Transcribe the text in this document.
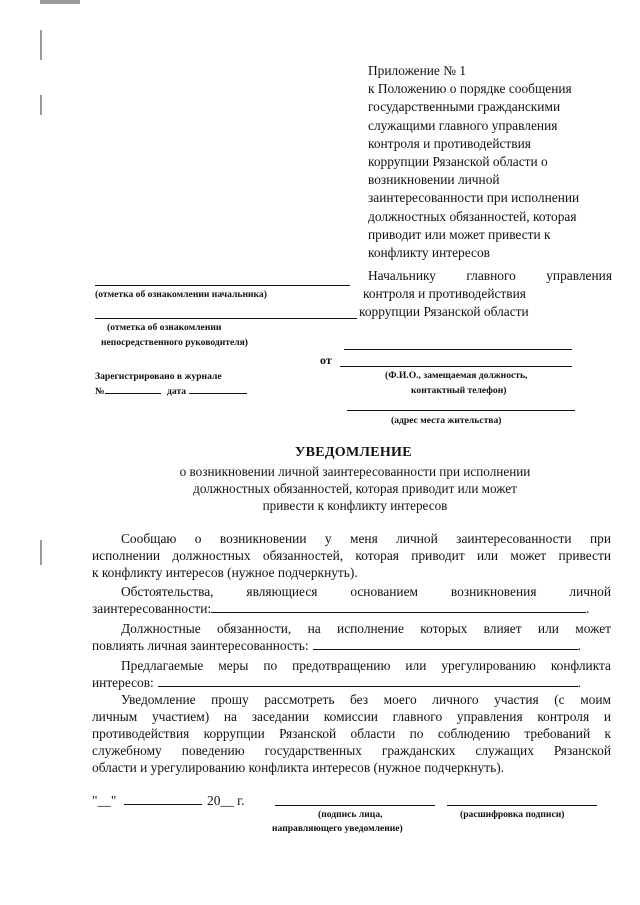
Приложение № 1
к Положению о порядке сообщения
государственными гражданскими
служащими главного управления
контроля и противодействия
коррупции Рязанской области о
возникновении личной
заинтересованности при исполнении
должностных обязанностей, которая
приводит или может привести к
конфликту интересов
Начальнику главного управления
контроля и противодействия
коррупции Рязанской области
(отметка об ознакомлении начальника)
(отметка об ознакомлении
непосредственного руководителя)
от
Зарегистрировано в журнале	(Ф.И.О., замещаемая должность,
контактный телефон)
№	дата
(адрес места жительства)
УВЕДОМЛЕНИЕ
о возникновении личной заинтересованности при исполнении
должностных обязанностей, которая приводит или может
привести к конфликту интересов
Сообщаю о возникновении у меня личной заинтересованности при
исполнении должностных обязанностей, которая приводит или может привести
к конфликту интересов (нужное подчеркнуть).
Обстоятельства, являющиеся основанием возникновения личной
заинтересованности:	.
Должностные обязанности, на исполнение которых влияет или может
повлиять личная заинтересованность:	.
Предлагаемые меры по предотвращению или урегулированию конфликта
интересов:	.
Уведомление прошу рассмотреть без моего личного участия (с моим
личным участием) на заседании комиссии главного управления контроля и
противодействия коррупции Рязанской области по соблюдению требований к
служебному поведению государственных гражданских служащих Рязанской
области и урегулированию конфликта интересов (нужное подчеркнуть).
"__"	20__ г.
(подпись лица,
направляющего уведомление)
(расшифровка подписи)
